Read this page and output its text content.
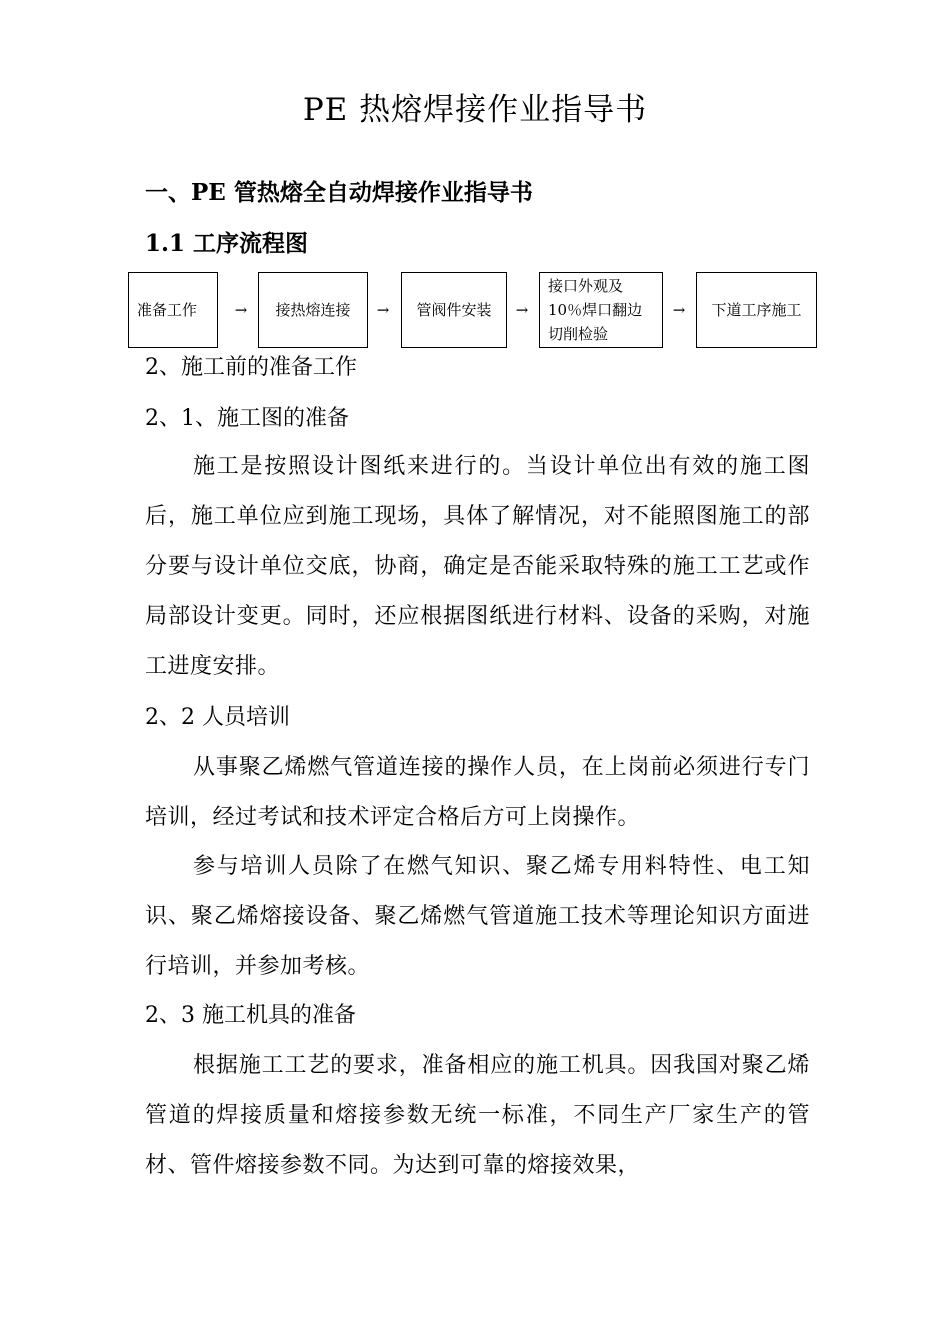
PE 热熔焊接作业指导书
一、PE 管热熔全自动焊接作业指导书
1.1 工序流程图
准备工作	→	接热熔连接	→	管阀件安装	→
接口外观及10％焊口翻边切削检验
→	下道工序施工
2、施工前的准备工作
2、1、施工图的准备
施工是按照设计图纸来进行的。当设计单位出有效的施工图后，施工单位应到施工现场，具体了解情况，对不能照图施工的部分要与设计单位交底，协商，确定是否能采取特殊的施工工艺或作局部设计变更。同时，还应根据图纸进行材料、设备的采购，对施工进度安排。
2、2 人员培训
从事聚乙烯燃气管道连接的操作人员，在上岗前必须进行专门培训，经过考试和技术评定合格后方可上岗操作。
参与培训人员除了在燃气知识、聚乙烯专用料特性、电工知识、聚乙烯熔接设备、聚乙烯燃气管道施工技术等理论知识方面进行培训，并参加考核。
2、3 施工机具的准备
根据施工工艺的要求，准备相应的施工机具。因我国对聚乙烯管道的焊接质量和熔接参数无统一标准，不同生产厂家生产的管材、管件熔接参数不同。为达到可靠的熔接效果，
